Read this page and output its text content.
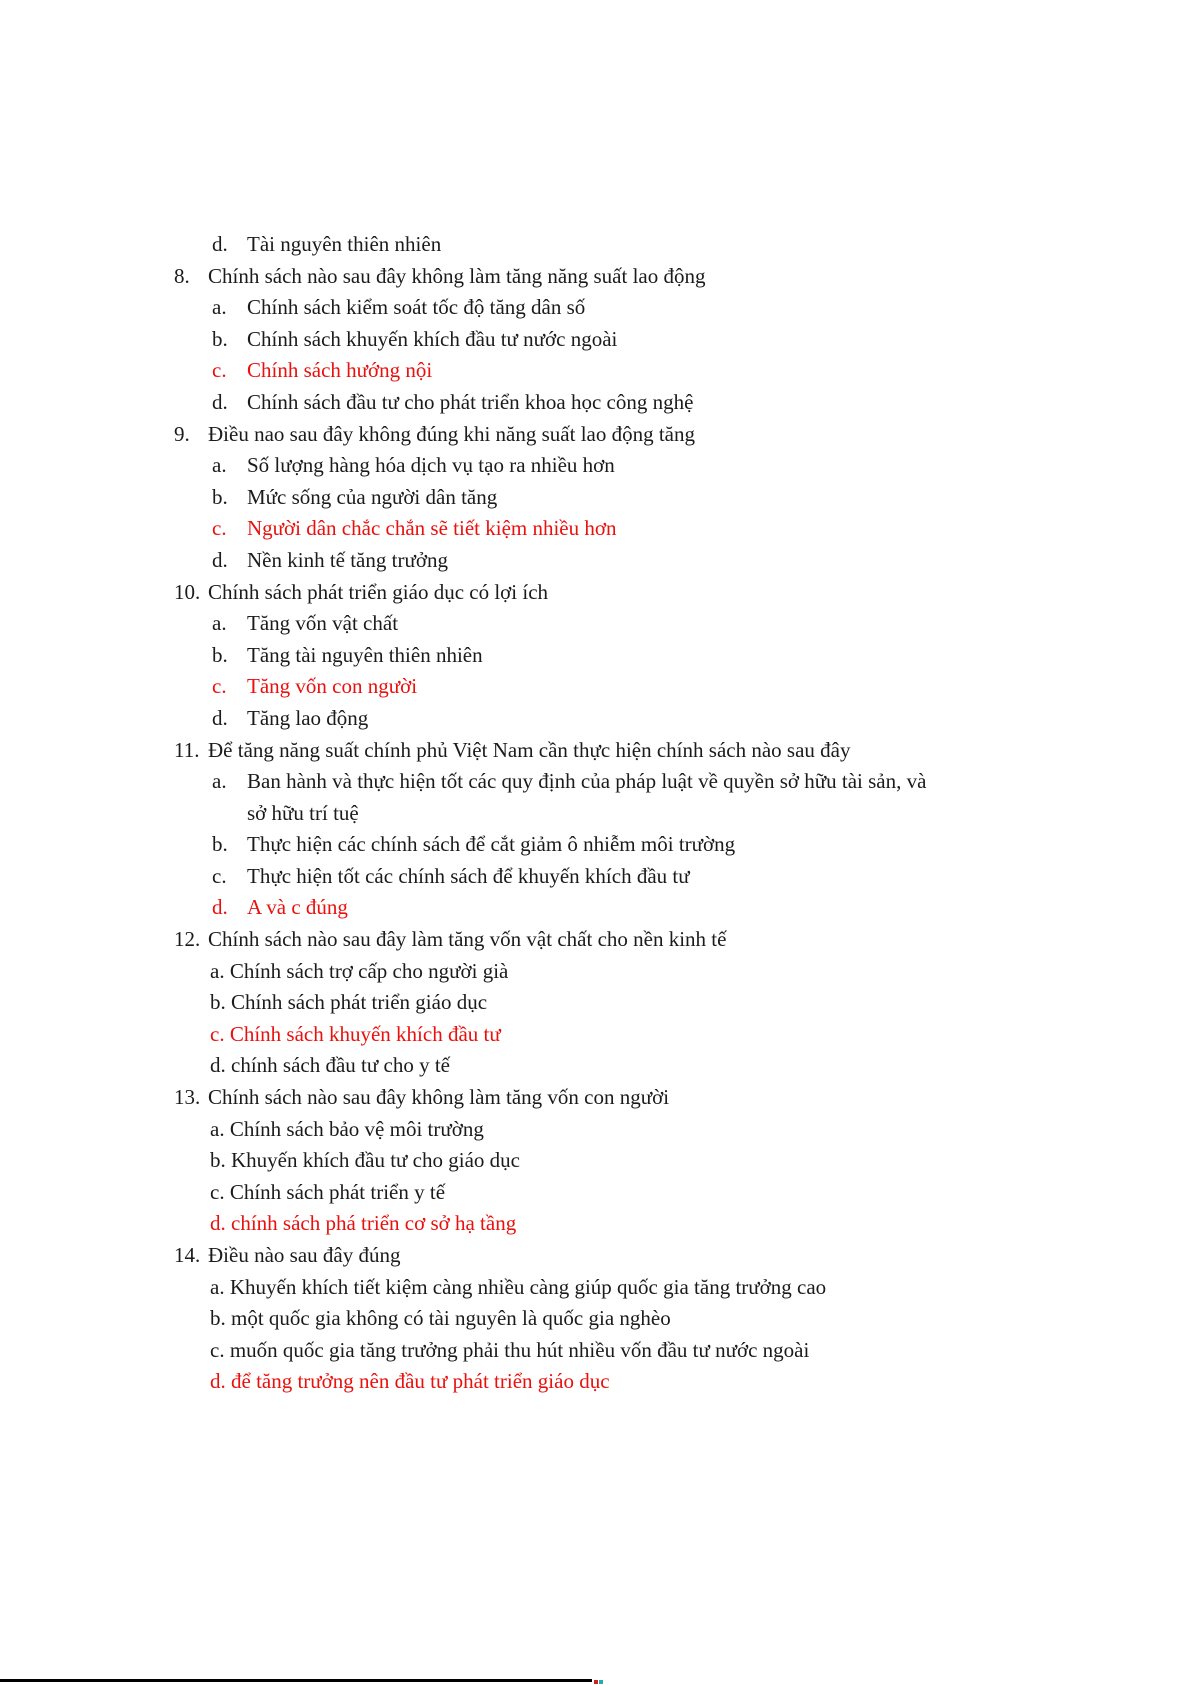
d. Tài nguyên thiên nhiên
8. Chính sách nào sau đây không làm tăng năng suất lao động
a. Chính sách kiểm soát tốc độ tăng dân số
b. Chính sách khuyến khích đầu tư nước ngoài
c. Chính sách hướng nội
d. Chính sách đầu tư cho phát triển khoa học công nghệ
9. Điều nao sau đây không đúng khi năng suất lao động tăng
a. Số lượng hàng hóa dịch vụ tạo ra nhiều hơn
b. Mức sống của người dân tăng
c. Người dân chắc chắn sẽ tiết kiệm nhiều hơn
d. Nền kinh tế tăng trưởng
10. Chính sách phát triển giáo dục có lợi ích
a. Tăng vốn vật chất
b. Tăng tài nguyên thiên nhiên
c. Tăng vốn con người
d. Tăng lao động
11. Để tăng năng suất chính phủ Việt Nam cần thực hiện chính sách nào sau đây
a. Ban hành và thực hiện tốt các quy định của pháp luật về quyền sở hữu tài sản, và
sở hữu trí tuệ
b. Thực hiện các chính sách để cắt giảm ô nhiễm môi trường
c. Thực hiện tốt các chính sách để khuyến khích đầu tư
d. A và c đúng
12. Chính sách nào sau đây làm tăng vốn vật chất cho nền kinh tế
a. Chính sách trợ cấp cho người già
b. Chính sách phát triển giáo dục
c. Chính sách khuyến khích đầu tư
d. chính sách đầu tư cho y tế
13. Chính sách nào sau đây không làm tăng vốn con người
a. Chính sách bảo vệ môi trường
b. Khuyến khích đầu tư cho giáo dục
c. Chính sách phát triển y tế
d. chính sách phá triển cơ sở hạ tầng
14. Điều nào sau đây đúng
a. Khuyến khích tiết kiệm càng nhiều càng giúp quốc gia tăng trưởng cao
b. một quốc gia không có tài nguyên là quốc gia nghèo
c. muốn quốc gia tăng trưởng phải thu hút nhiều vốn đầu tư nước ngoài
d. để tăng trưởng nên đầu tư phát triển giáo dục
